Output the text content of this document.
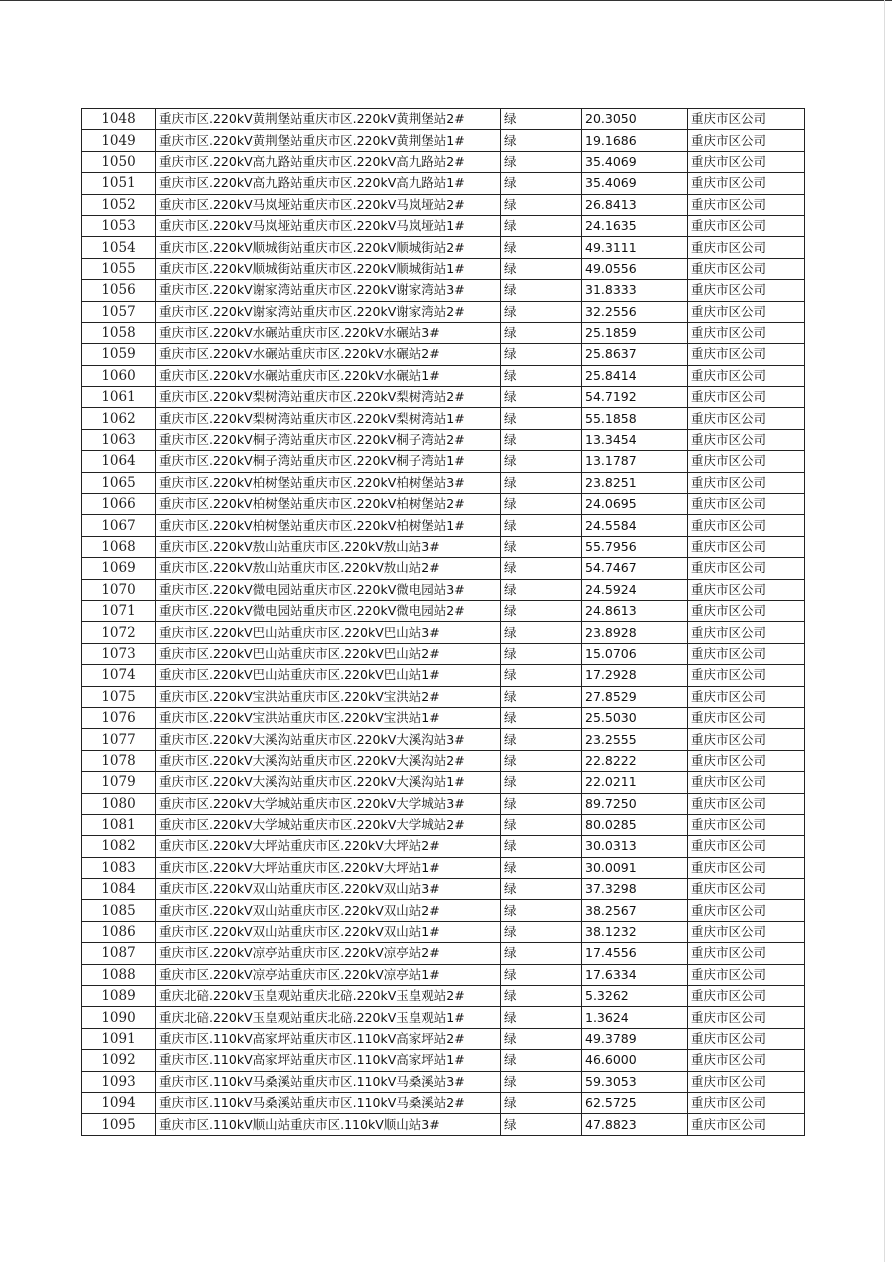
1048	重庆市区.220kV黄荆堡站重庆市区.220kV黄荆堡站2#	绿	20.3050	重庆市区公司
1049	重庆市区.220kV黄荆堡站重庆市区.220kV黄荆堡站1#	绿	19.1686	重庆市区公司
1050	重庆市区.220kV高九路站重庆市区.220kV高九路站2#	绿	35.4069	重庆市区公司
1051	重庆市区.220kV高九路站重庆市区.220kV高九路站1#	绿	35.4069	重庆市区公司
1052	重庆市区.220kV马岚垭站重庆市区.220kV马岚垭站2#	绿	26.8413	重庆市区公司
1053	重庆市区.220kV马岚垭站重庆市区.220kV马岚垭站1#	绿	24.1635	重庆市区公司
1054	重庆市区.220kV顺城街站重庆市区.220kV顺城街站2#	绿	49.3111	重庆市区公司
1055	重庆市区.220kV顺城街站重庆市区.220kV顺城街站1#	绿	49.0556	重庆市区公司
1056	重庆市区.220kV谢家湾站重庆市区.220kV谢家湾站3#	绿	31.8333	重庆市区公司
1057	重庆市区.220kV谢家湾站重庆市区.220kV谢家湾站2#	绿	32.2556	重庆市区公司
1058	重庆市区.220kV水碾站重庆市区.220kV水碾站3#	绿	25.1859	重庆市区公司
1059	重庆市区.220kV水碾站重庆市区.220kV水碾站2#	绿	25.8637	重庆市区公司
1060	重庆市区.220kV水碾站重庆市区.220kV水碾站1#	绿	25.8414	重庆市区公司
1061	重庆市区.220kV梨树湾站重庆市区.220kV梨树湾站2#	绿	54.7192	重庆市区公司
1062	重庆市区.220kV梨树湾站重庆市区.220kV梨树湾站1#	绿	55.1858	重庆市区公司
1063	重庆市区.220kV桐子湾站重庆市区.220kV桐子湾站2#	绿	13.3454	重庆市区公司
1064	重庆市区.220kV桐子湾站重庆市区.220kV桐子湾站1#	绿	13.1787	重庆市区公司
1065	重庆市区.220kV柏树堡站重庆市区.220kV柏树堡站3#	绿	23.8251	重庆市区公司
1066	重庆市区.220kV柏树堡站重庆市区.220kV柏树堡站2#	绿	24.0695	重庆市区公司
1067	重庆市区.220kV柏树堡站重庆市区.220kV柏树堡站1#	绿	24.5584	重庆市区公司
1068	重庆市区.220kV敖山站重庆市区.220kV敖山站3#	绿	55.7956	重庆市区公司
1069	重庆市区.220kV敖山站重庆市区.220kV敖山站2#	绿	54.7467	重庆市区公司
1070	重庆市区.220kV微电园站重庆市区.220kV微电园站3#	绿	24.5924	重庆市区公司
1071	重庆市区.220kV微电园站重庆市区.220kV微电园站2#	绿	24.8613	重庆市区公司
1072	重庆市区.220kV巴山站重庆市区.220kV巴山站3#	绿	23.8928	重庆市区公司
1073	重庆市区.220kV巴山站重庆市区.220kV巴山站2#	绿	15.0706	重庆市区公司
1074	重庆市区.220kV巴山站重庆市区.220kV巴山站1#	绿	17.2928	重庆市区公司
1075	重庆市区.220kV宝洪站重庆市区.220kV宝洪站2#	绿	27.8529	重庆市区公司
1076	重庆市区.220kV宝洪站重庆市区.220kV宝洪站1#	绿	25.5030	重庆市区公司
1077	重庆市区.220kV大溪沟站重庆市区.220kV大溪沟站3#	绿	23.2555	重庆市区公司
1078	重庆市区.220kV大溪沟站重庆市区.220kV大溪沟站2#	绿	22.8222	重庆市区公司
1079	重庆市区.220kV大溪沟站重庆市区.220kV大溪沟站1#	绿	22.0211	重庆市区公司
1080	重庆市区.220kV大学城站重庆市区.220kV大学城站3#	绿	89.7250	重庆市区公司
1081	重庆市区.220kV大学城站重庆市区.220kV大学城站2#	绿	80.0285	重庆市区公司
1082	重庆市区.220kV大坪站重庆市区.220kV大坪站2#	绿	30.0313	重庆市区公司
1083	重庆市区.220kV大坪站重庆市区.220kV大坪站1#	绿	30.0091	重庆市区公司
1084	重庆市区.220kV双山站重庆市区.220kV双山站3#	绿	37.3298	重庆市区公司
1085	重庆市区.220kV双山站重庆市区.220kV双山站2#	绿	38.2567	重庆市区公司
1086	重庆市区.220kV双山站重庆市区.220kV双山站1#	绿	38.1232	重庆市区公司
1087	重庆市区.220kV凉亭站重庆市区.220kV凉亭站2#	绿	17.4556	重庆市区公司
1088	重庆市区.220kV凉亭站重庆市区.220kV凉亭站1#	绿	17.6334	重庆市区公司
1089	重庆北碚.220kV玉皇观站重庆北碚.220kV玉皇观站2#	绿	5.3262	重庆市区公司
1090	重庆北碚.220kV玉皇观站重庆北碚.220kV玉皇观站1#	绿	1.3624	重庆市区公司
1091	重庆市区.110kV高家坪站重庆市区.110kV高家坪站2#	绿	49.3789	重庆市区公司
1092	重庆市区.110kV高家坪站重庆市区.110kV高家坪站1#	绿	46.6000	重庆市区公司
1093	重庆市区.110kV马桑溪站重庆市区.110kV马桑溪站3#	绿	59.3053	重庆市区公司
1094	重庆市区.110kV马桑溪站重庆市区.110kV马桑溪站2#	绿	62.5725	重庆市区公司
1095	重庆市区.110kV顺山站重庆市区.110kV顺山站3#	绿	47.8823	重庆市区公司
